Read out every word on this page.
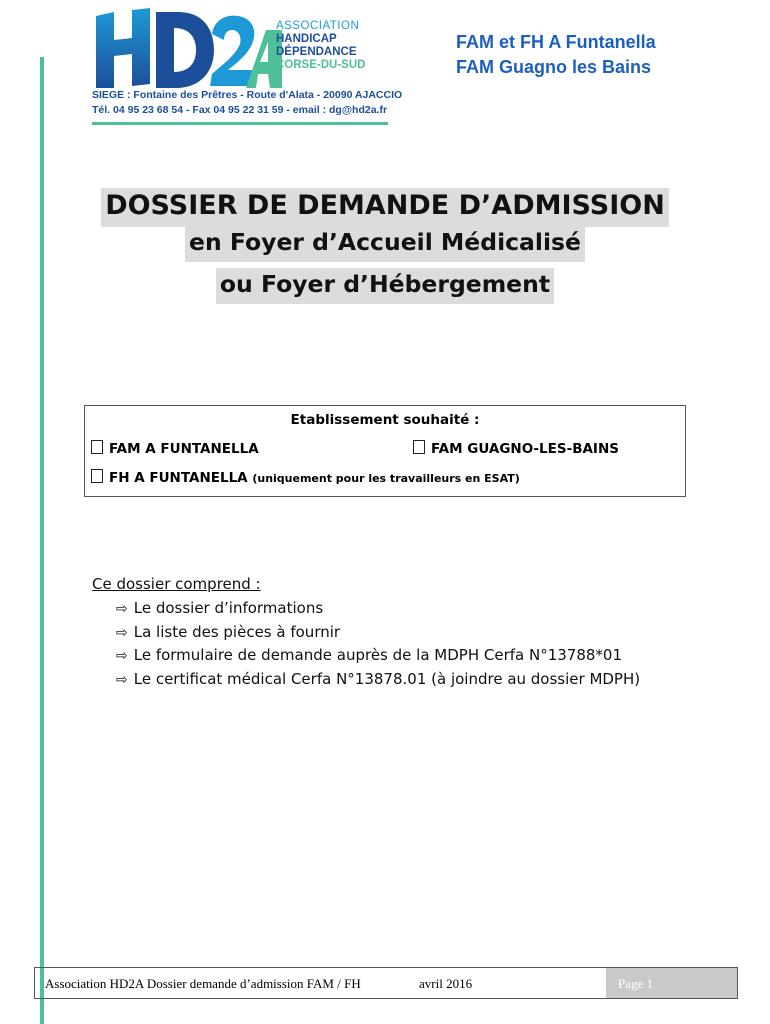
ASSOCIATION
HANDICAP
DÉPENDANCE
CORSE-DU-SUD
SIEGE : Fontaine des Prêtres - Route d'Alata - 20090 AJACCIO
Tél. 04 95 23 68 54 - Fax 04 95 22 31 59 - email : dg@hd2a.fr
FAM et FH A Funtanella
FAM Guagno les Bains
DOSSIER DE DEMANDE D’ADMISSION
en Foyer d’Accueil Médicalisé
ou Foyer d’Hébergement
Etablissement souhaité :
FAM A FUNTANELLA	FAM GUAGNO-LES-BAINS
FH A FUNTANELLA (uniquement pour les travailleurs en ESAT)
Ce dossier comprend :
⇨ Le dossier d’informations
⇨ La liste des pièces à fournir
⇨ Le formulaire de demande auprès de la MDPH Cerfa N°13788*01
⇨ Le certificat médical Cerfa N°13878.01 (à joindre au dossier MDPH)
Association HD2A Dossier demande d’admission FAM / FH	avril 2016	Page 1
